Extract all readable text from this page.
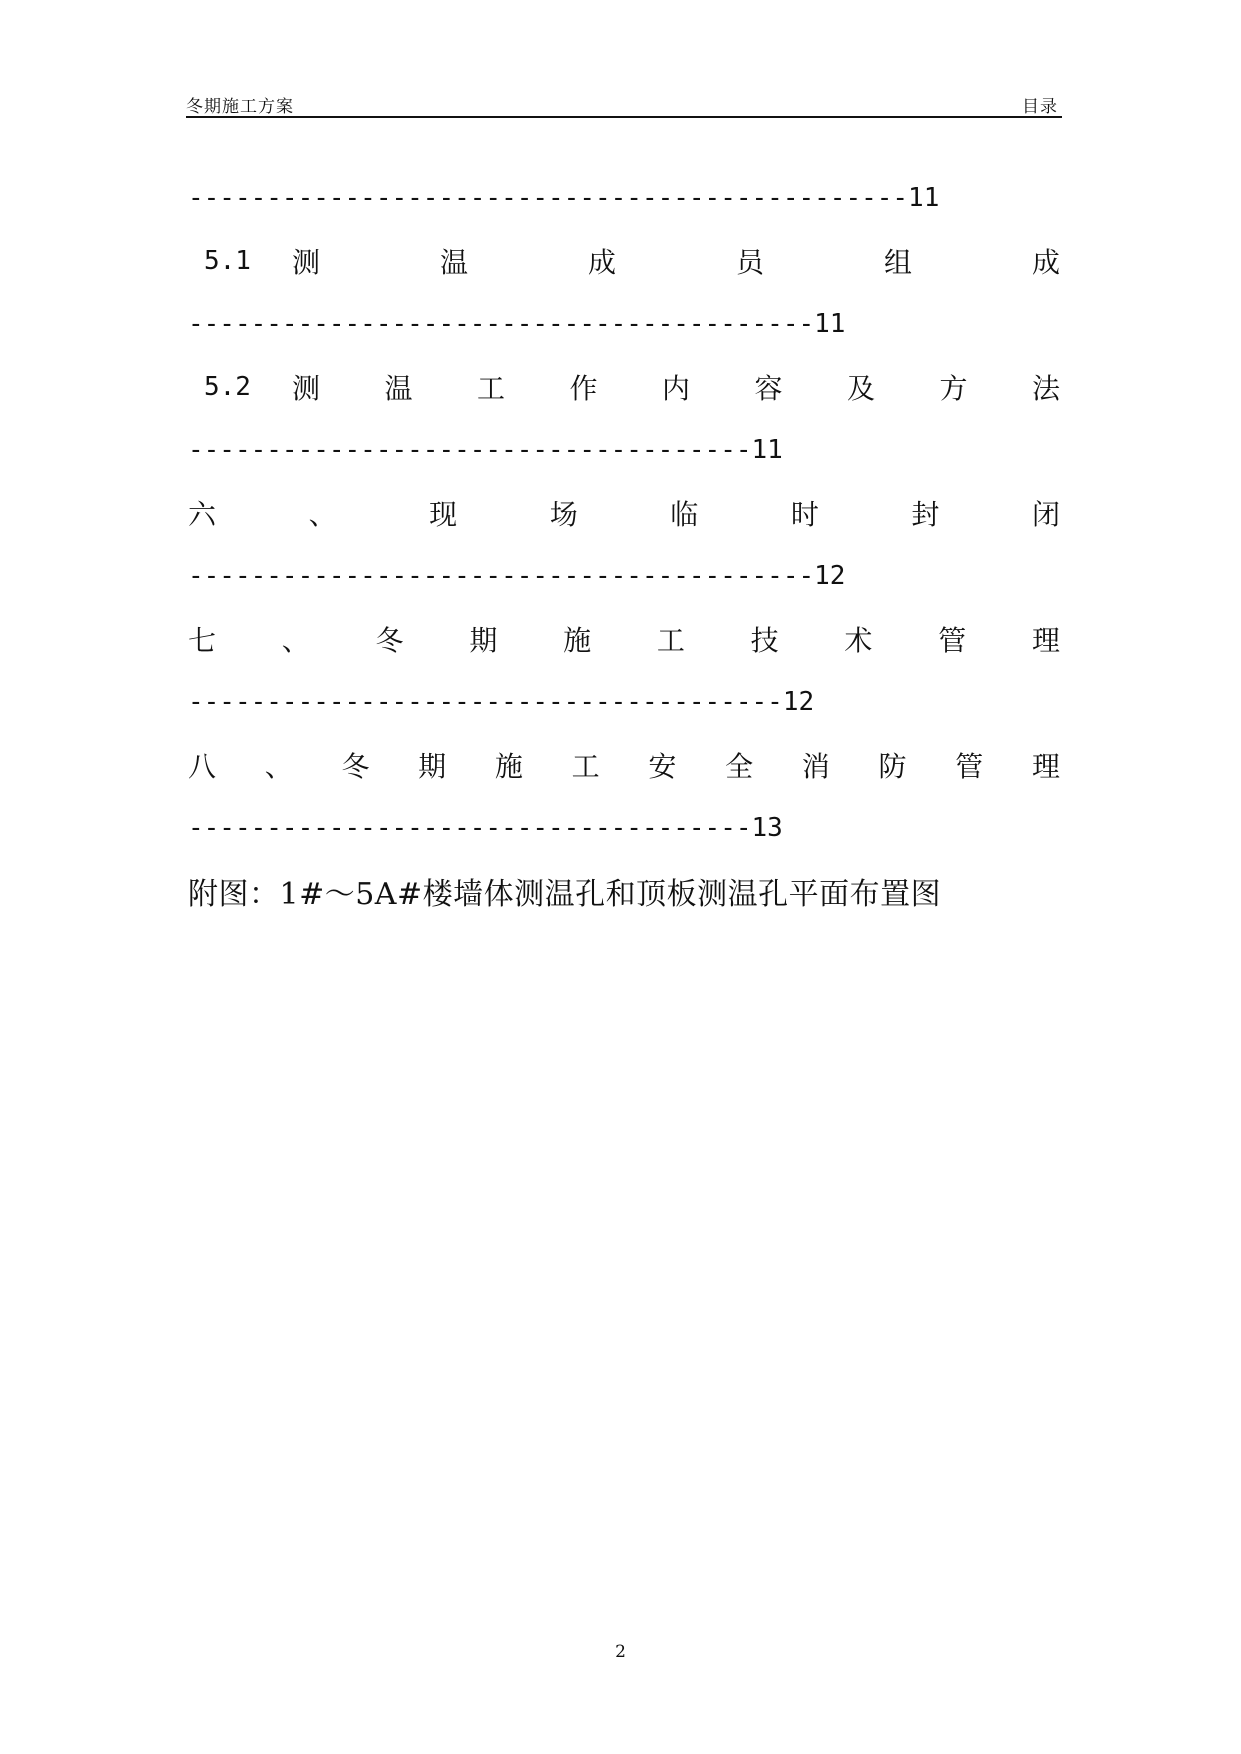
冬期施工方案	目录
----------------------------------------------11
5.1 测温成员组成
----------------------------------------11
5.2 测温工作内容及方法
------------------------------------11
六、现场临时封闭
----------------------------------------12
七、冬期施工技术管理
--------------------------------------12
八、冬期施工安全消防管理
------------------------------------13
附图：1#～5A#楼墙体测温孔和顶板测温孔平面布置图
2
